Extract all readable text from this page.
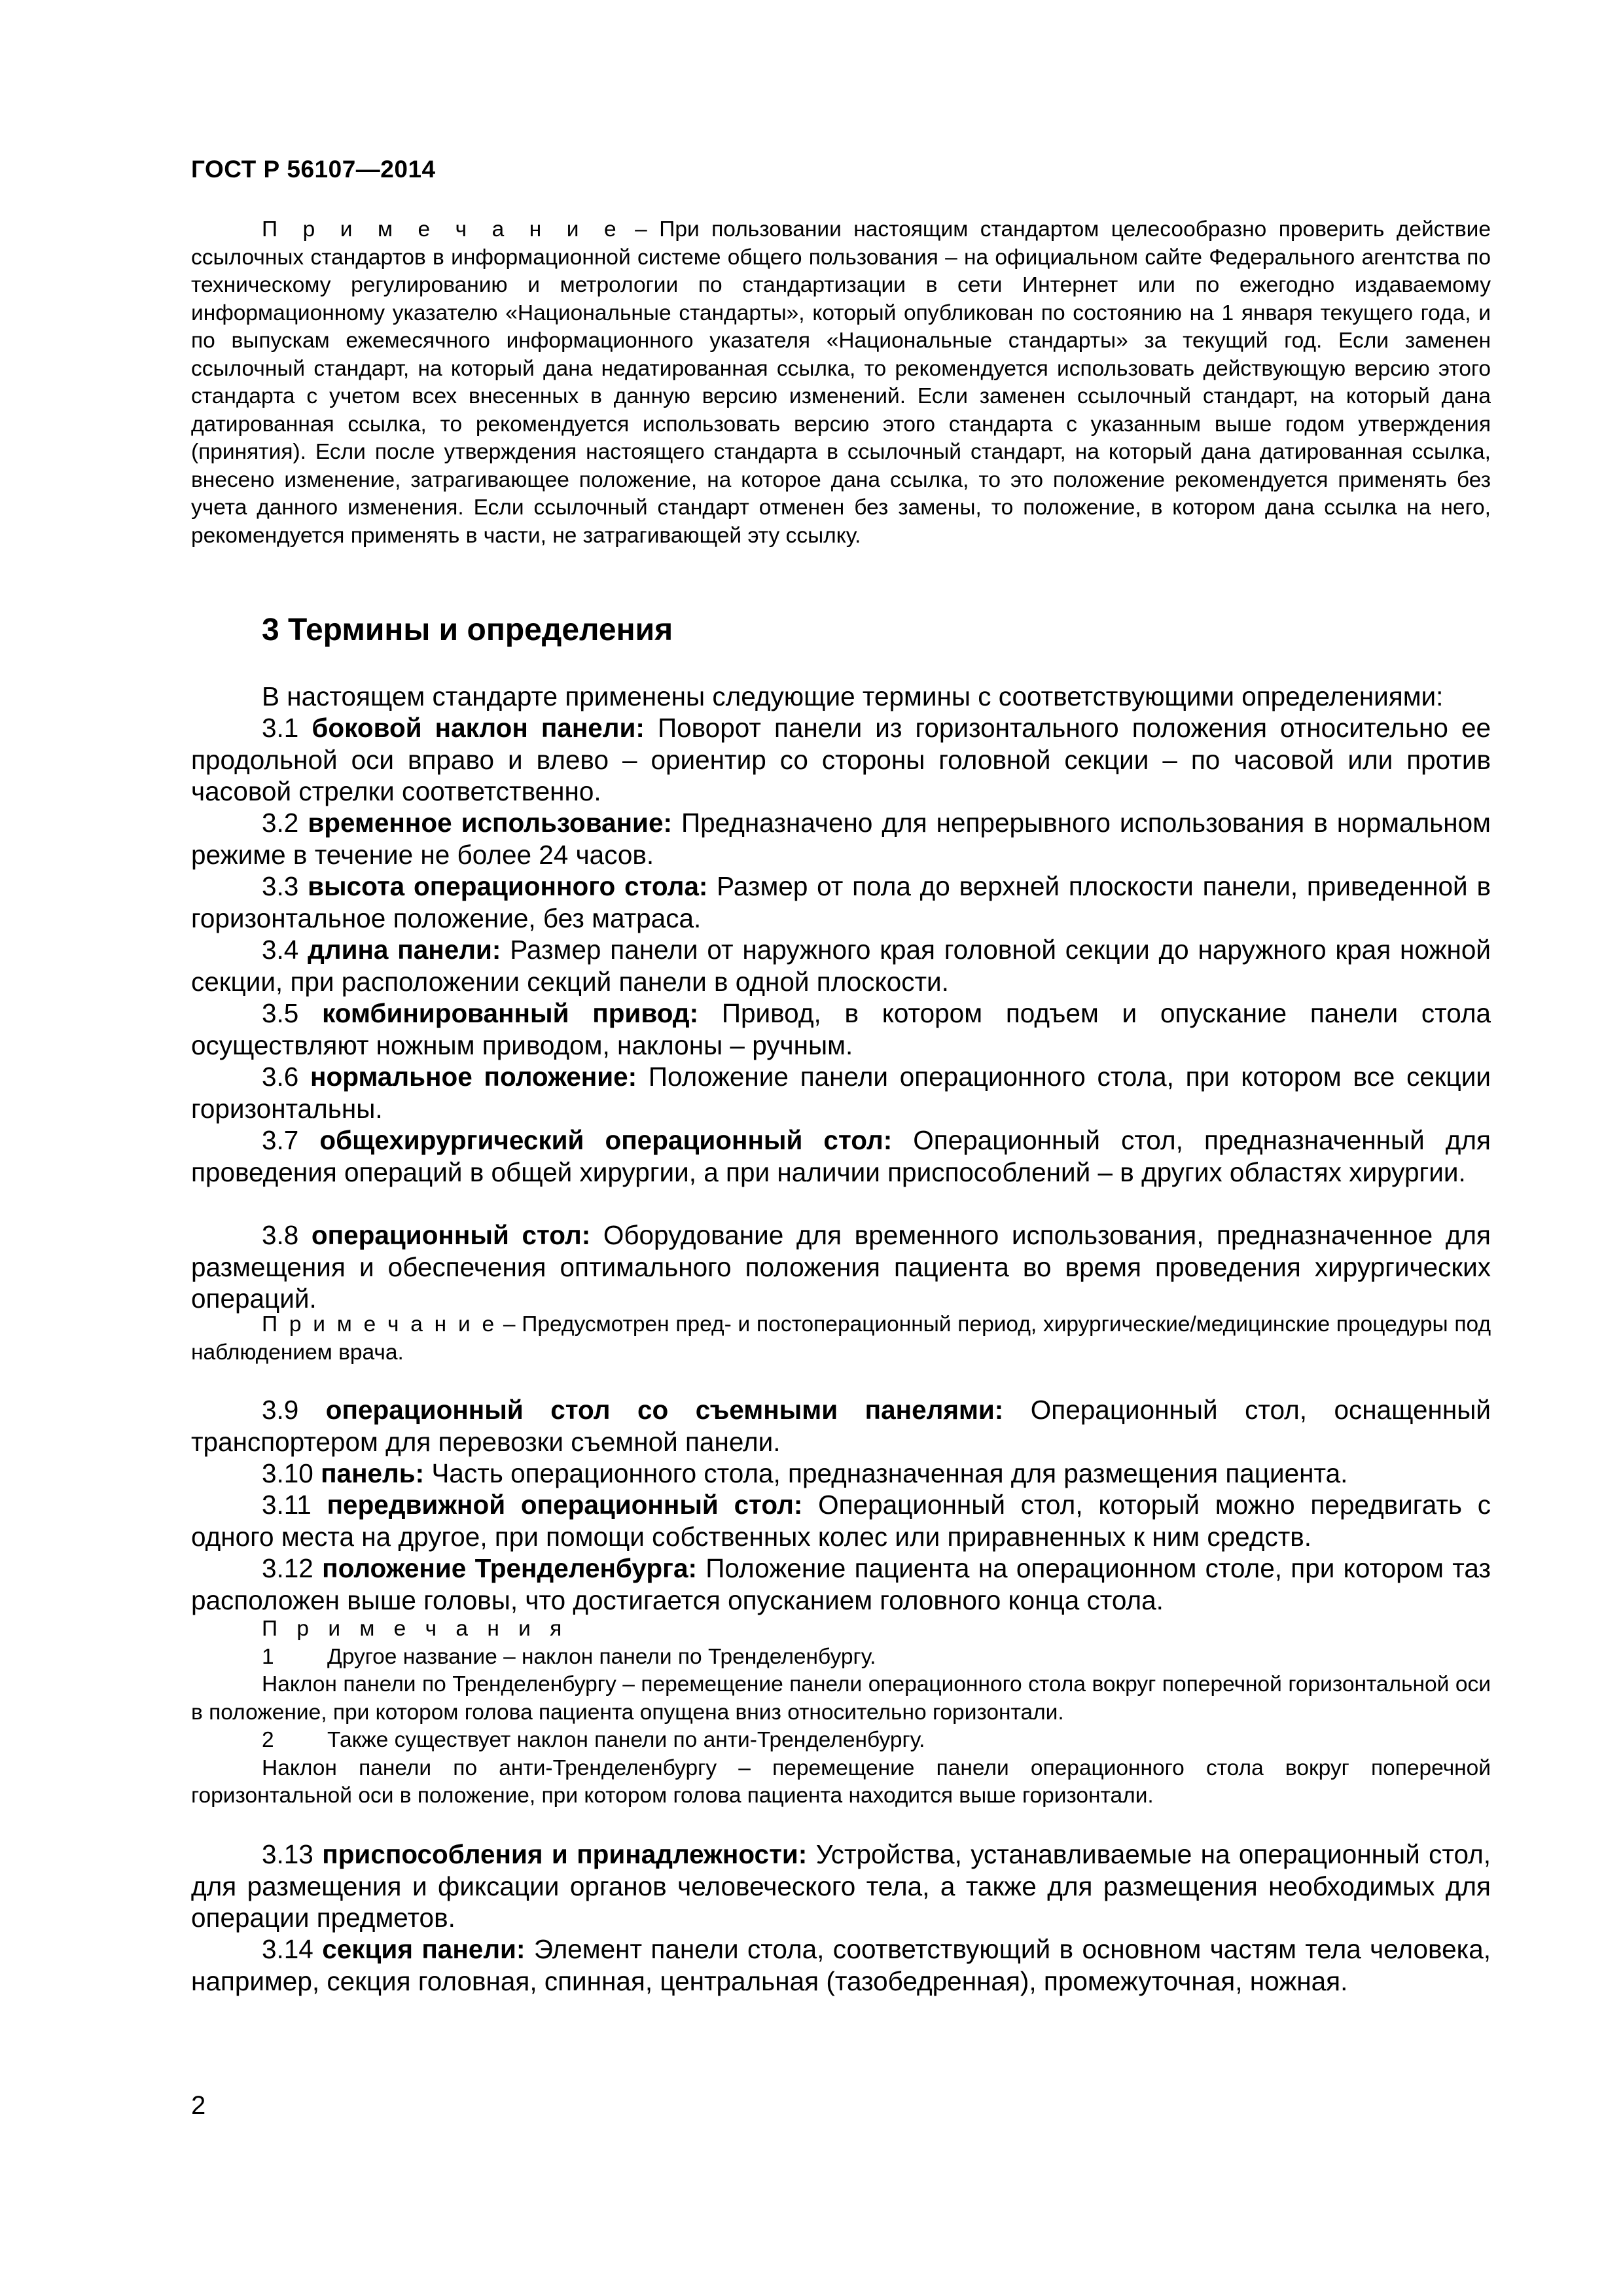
ГОСТ Р 56107—2014

П р и м е ч а н и е – При пользовании настоящим стандартом целесообразно проверить действие ссылочных стандартов в информационной системе общего пользования – на официальном сайте Федерального агентства по техническому регулированию и метрологии по стандартизации в сети Интернет или по ежегодно издаваемому информационному указателю «Национальные стандарты», который опубликован по состоянию на 1 января текущего года, и по выпускам ежемесячного информационного указателя «Национальные стандарты» за текущий год. Если заменен ссылочный стандарт, на который дана недатированная ссылка, то рекомендуется использовать действующую версию этого стандарта с учетом всех внесенных в данную версию изменений. Если заменен ссылочный стандарт, на который дана датированная ссылка, то рекомендуется использовать версию этого стандарта с указанным выше годом утверждения (принятия). Если после утверждения настоящего стандарта в ссылочный стандарт, на который дана датированная ссылка, внесено изменение, затрагивающее положение, на которое дана ссылка, то это положение рекомендуется применять без учета данного изменения. Если ссылочный стандарт отменен без замены, то положение, в котором дана ссылка на него, рекомендуется применять в части, не затрагивающей эту ссылку.

3 Термины и определения

В настоящем стандарте применены следующие термины с соответствующими определениями:

3.1 боковой наклон панели: Поворот панели из горизонтального положения относительно ее продольной оси вправо и влево – ориентир со стороны головной секции – по часовой или против часовой стрелки соответственно.

3.2 временное использование: Предназначено для непрерывного использования в нормальном режиме в течение не более 24 часов.

3.3 высота операционного стола: Размер от пола до верхней плоскости панели, приведенной в горизонтальное положение, без матраса.

3.4 длина панели: Размер панели от наружного края головной секции до наружного края ножной секции, при расположении секций панели в одной плоскости.

3.5 комбинированный привод: Привод, в котором подъем и опускание панели стола осуществляют ножным приводом, наклоны – ручным.

3.6 нормальное положение: Положение панели операционного стола, при котором все секции горизонтальны.

3.7 общехирургический операционный стол: Операционный стол, предназначенный для проведения операций в общей хирургии, а при наличии приспособлений – в других областях хирургии.

3.8 операционный стол: Оборудование для временного использования, предназначенное для размещения и обеспечения оптимального положения пациента во время проведения хирургических операций.

П р и м е ч а н и е – Предусмотрен пред- и постоперационный период, хирургические/медицинские процедуры под наблюдением врача.

3.9 операционный стол со съемными панелями: Операционный стол, оснащенный транспортером для перевозки съемной панели.

3.10 панель: Часть операционного стола, предназначенная для размещения пациента.

3.11 передвижной операционный стол: Операционный стол, который можно передвигать с одного места на другое, при помощи собственных колес или приравненных к ним средств.

3.12 положение Тренделенбурга: Положение пациента на операционном столе, при котором таз расположен выше головы, что достигается опусканием головного конца стола.

П р и м е ч а н и я
1 Другое название – наклон панели по Тренделенбургу.
Наклон панели по Тренделенбургу – перемещение панели операционного стола вокруг поперечной горизонтальной оси в положение, при котором голова пациента опущена вниз относительно горизонтали.
2 Также существует наклон панели по анти-Тренделенбургу.
Наклон панели по анти-Тренделенбургу – перемещение панели операционного стола вокруг поперечной горизонтальной оси в положение, при котором голова пациента находится выше горизонтали.

3.13 приспособления и принадлежности: Устройства, устанавливаемые на операционный стол, для размещения и фиксации органов человеческого тела, а также для размещения необходимых для операции предметов.

3.14 секция панели: Элемент панели стола, соответствующий в основном частям тела человека, например, секция головная, спинная, центральная (тазобедренная), промежуточная, ножная.

2
